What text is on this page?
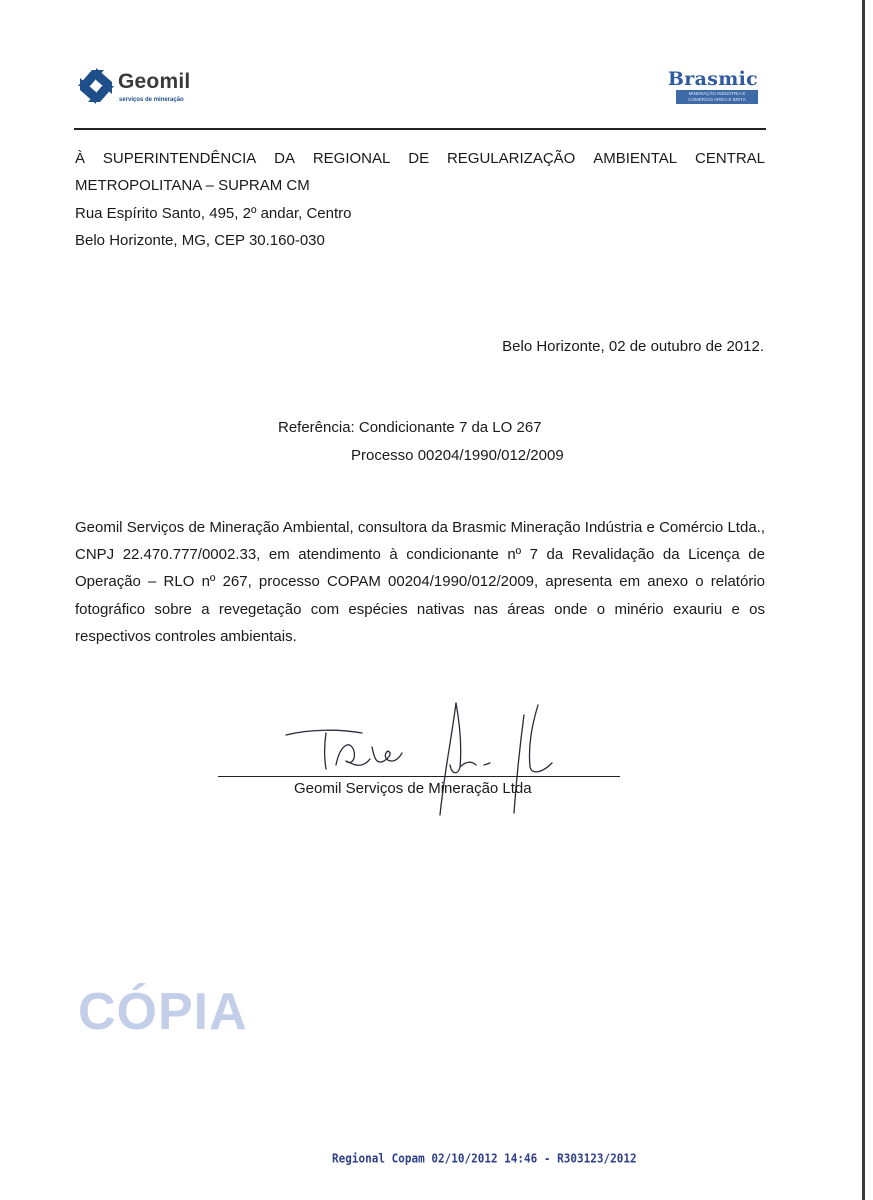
Geomil
serviços de mineração
Brasmic
MINERAÇÃO INDÚSTRIA E
COMÉRCIO AREIA E BRITA
À SUPERINTENDÊNCIA DA REGIONAL DE REGULARIZAÇÃO AMBIENTAL CENTRAL
METROPOLITANA – SUPRAM CM
Rua Espírito Santo, 495, 2º andar, Centro
Belo Horizonte, MG, CEP 30.160-030
Belo Horizonte, 02 de outubro de 2012.
Referência: Condicionante 7 da LO 267
Processo 00204/1990/012/2009

Geomil Serviços de Mineração Ambiental, consultora da Brasmic Mineração Indústria e Comércio Ltda., CNPJ 22.470.777/0002.33, em atendimento à condicionante nº 7 da Revalidação da Licença de Operação – RLO nº 267, processo COPAM 00204/1990/012/2009, apresenta em anexo o relatório fotográfico sobre a revegetação com espécies nativas nas áreas onde o minério exauriu e os respectivos controles ambientais.

Geomil Serviços de Mineração Ltda
CÓPIA
Regional Copam 02/10/2012 14:46 - R303123/2012
